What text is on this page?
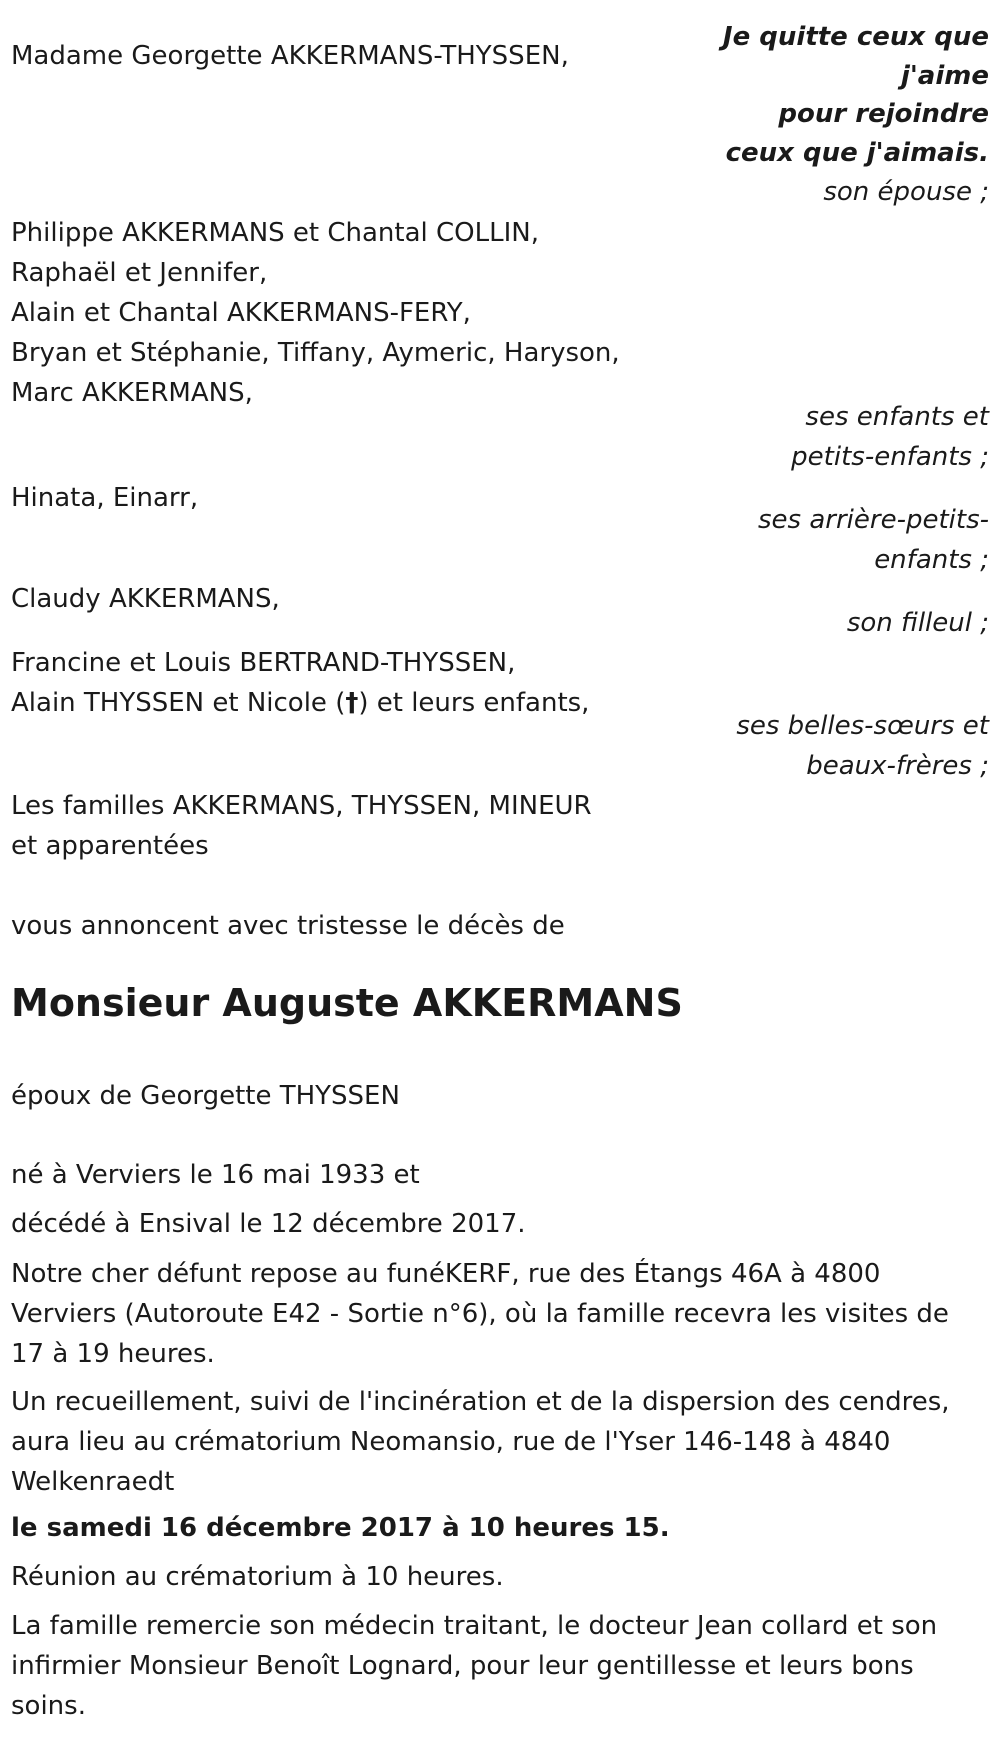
Je quitte ceux que
j'aime
pour rejoindre
ceux que j'aimais.
Madame Georgette AKKERMANS-THYSSEN,
son épouse ;
Philippe AKKERMANS et Chantal COLLIN,
Raphaël et Jennifer,
Alain et Chantal AKKERMANS-FERY,
Bryan et Stéphanie, Tiffany, Aymeric, Haryson,
Marc AKKERMANS,
ses enfants et
petits-enfants ;
Hinata, Einarr,
ses arrière-petits-
enfants ;
Claudy AKKERMANS,
son filleul ;
Francine et Louis BERTRAND-THYSSEN,
Alain THYSSEN et Nicole (†) et leurs enfants,
ses belles-sœurs et
beaux-frères ;
Les familles AKKERMANS, THYSSEN, MINEUR
et apparentées
vous annoncent avec tristesse le décès de
Monsieur Auguste AKKERMANS
époux de Georgette THYSSEN
né à Verviers le 16 mai 1933 et
décédé à Ensival le 12 décembre 2017.
Notre cher défunt repose au funéKERF, rue des Étangs 46A à 4800 Verviers (Autoroute E42 - Sortie n°6), où la famille recevra les visites de 17 à 19 heures.
Un recueillement, suivi de l'incinération et de la dispersion des cendres, aura lieu au crématorium Neomansio, rue de l'Yser 146-148 à 4840 Welkenraedt
le samedi 16 décembre 2017 à 10 heures 15.
Réunion au crématorium à 10 heures.
La famille remercie son médecin traitant, le docteur Jean collard et son infirmier Monsieur Benoît Lognard, pour leur gentillesse et leurs bons soins.
